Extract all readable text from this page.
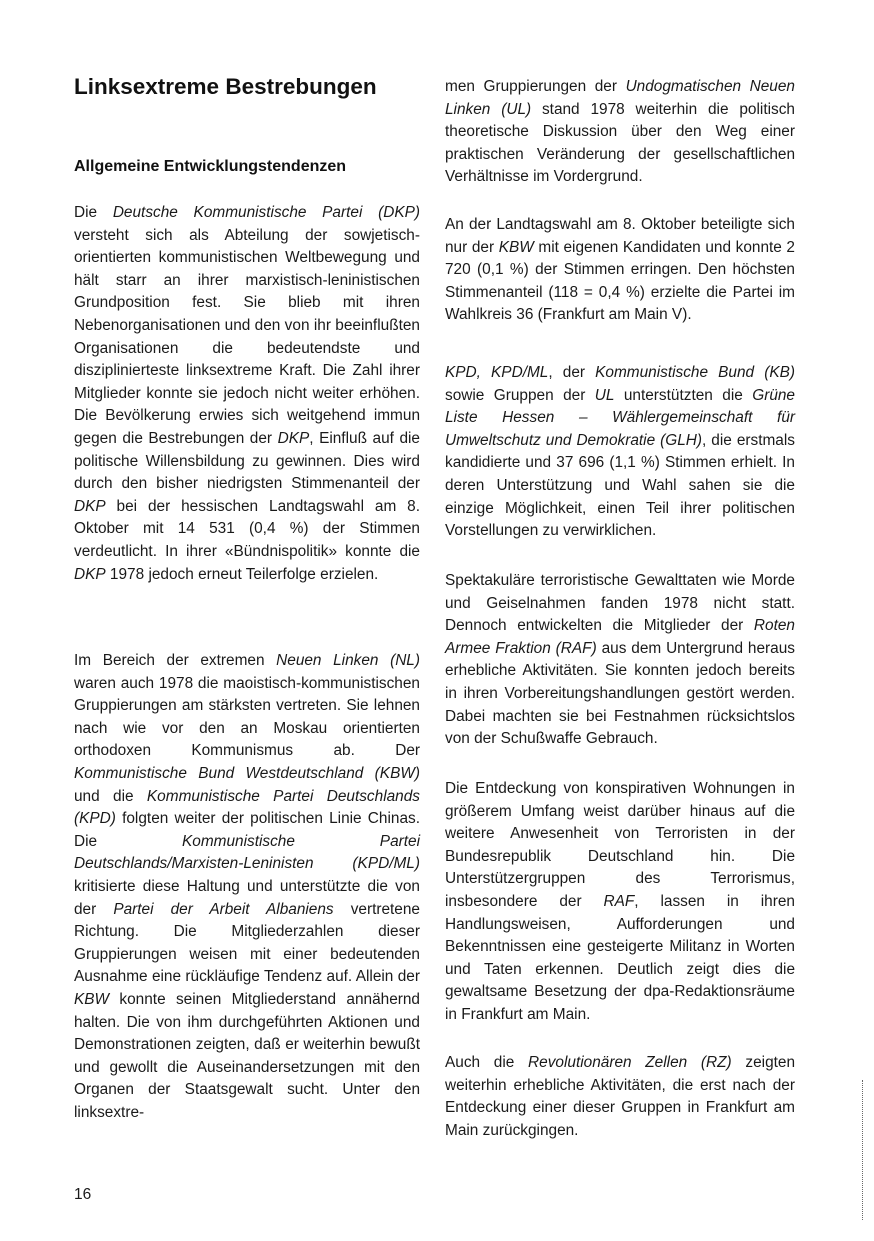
Linksextreme Bestrebungen
Allgemeine Entwicklungstendenzen

Die Deutsche Kommunistische Partei (DKP) versteht sich als Abteilung der sowjetisch-orientierten kommunistischen Weltbewegung und hält starr an ihrer marxistisch-leninistischen Grundposition fest. Sie blieb mit ihren Nebenorganisationen und den von ihr beeinflußten Organisationen die bedeutendste und disziplinierteste linksextreme Kraft. Die Zahl ihrer Mitglieder konnte sie jedoch nicht weiter erhöhen. Die Bevölkerung erwies sich weitgehend immun gegen die Bestrebungen der DKP, Einfluß auf die politische Willensbildung zu gewinnen. Dies wird durch den bisher niedrigsten Stimmenanteil der DKP bei der hessischen Landtagswahl am 8. Oktober mit 14 531 (0,4 %) der Stimmen verdeutlicht. In ihrer «Bündnispolitik» konnte die DKP 1978 jedoch erneut Teilerfolge erzielen.

Im Bereich der extremen Neuen Linken (NL) waren auch 1978 die maoistisch-kommunistischen Gruppierungen am stärksten vertreten. Sie lehnen nach wie vor den an Moskau orientierten orthodoxen Kommunismus ab. Der Kommunistische Bund Westdeutschland (KBW) und die Kommunistische Partei Deutschlands (KPD) folgten weiter der politischen Linie Chinas. Die Kommunistische Partei Deutschlands/Marxisten-Leninisten (KPD/ML) kritisierte diese Haltung und unterstützte die von der Partei der Arbeit Albaniens vertretene Richtung. Die Mitgliederzahlen dieser Gruppierungen weisen mit einer bedeutenden Ausnahme eine rückläufige Tendenz auf. Allein der KBW konnte seinen Mitgliederstand annähernd halten. Die von ihm durchgeführten Aktionen und Demonstrationen zeigten, daß er weiterhin bewußt und gewollt die Auseinandersetzungen mit den Organen der Staatsgewalt sucht. Unter den linksextre-

men Gruppierungen der Undogmatischen Neuen Linken (UL) stand 1978 weiterhin die politisch theoretische Diskussion über den Weg einer praktischen Veränderung der gesellschaftlichen Verhältnisse im Vordergrund.

An der Landtagswahl am 8. Oktober beteiligte sich nur der KBW mit eigenen Kandidaten und konnte 2 720 (0,1 %) der Stimmen erringen. Den höchsten Stimmenanteil (118 = 0,4 %) erzielte die Partei im Wahlkreis 36 (Frankfurt am Main V).

KPD, KPD/ML, der Kommunistische Bund (KB) sowie Gruppen der UL unterstützten die Grüne Liste Hessen – Wählergemeinschaft für Umweltschutz und Demokratie (GLH), die erstmals kandidierte und 37 696 (1,1 %) Stimmen erhielt. In deren Unterstützung und Wahl sahen sie die einzige Möglichkeit, einen Teil ihrer politischen Vorstellungen zu verwirklichen.

Spektakuläre terroristische Gewalttaten wie Morde und Geiselnahmen fanden 1978 nicht statt. Dennoch entwickelten die Mitglieder der Roten Armee Fraktion (RAF) aus dem Untergrund heraus erhebliche Aktivitäten. Sie konnten jedoch bereits in ihren Vorbereitungshandlungen gestört werden. Dabei machten sie bei Festnahmen rücksichtslos von der Schußwaffe Gebrauch.

Die Entdeckung von konspirativen Wohnungen in größerem Umfang weist darüber hinaus auf die weitere Anwesenheit von Terroristen in der Bundesrepublik Deutschland hin. Die Unterstützergruppen des Terrorismus, insbesondere der RAF, lassen in ihren Handlungsweisen, Aufforderungen und Bekenntnissen eine gesteigerte Militanz in Worten und Taten erkennen. Deutlich zeigt dies die gewaltsame Besetzung der dpa-Redaktionsräume in Frankfurt am Main.

Auch die Revolutionären Zellen (RZ) zeigten weiterhin erhebliche Aktivitäten, die erst nach der Entdeckung einer dieser Gruppen in Frankfurt am Main zurückgingen.

16
